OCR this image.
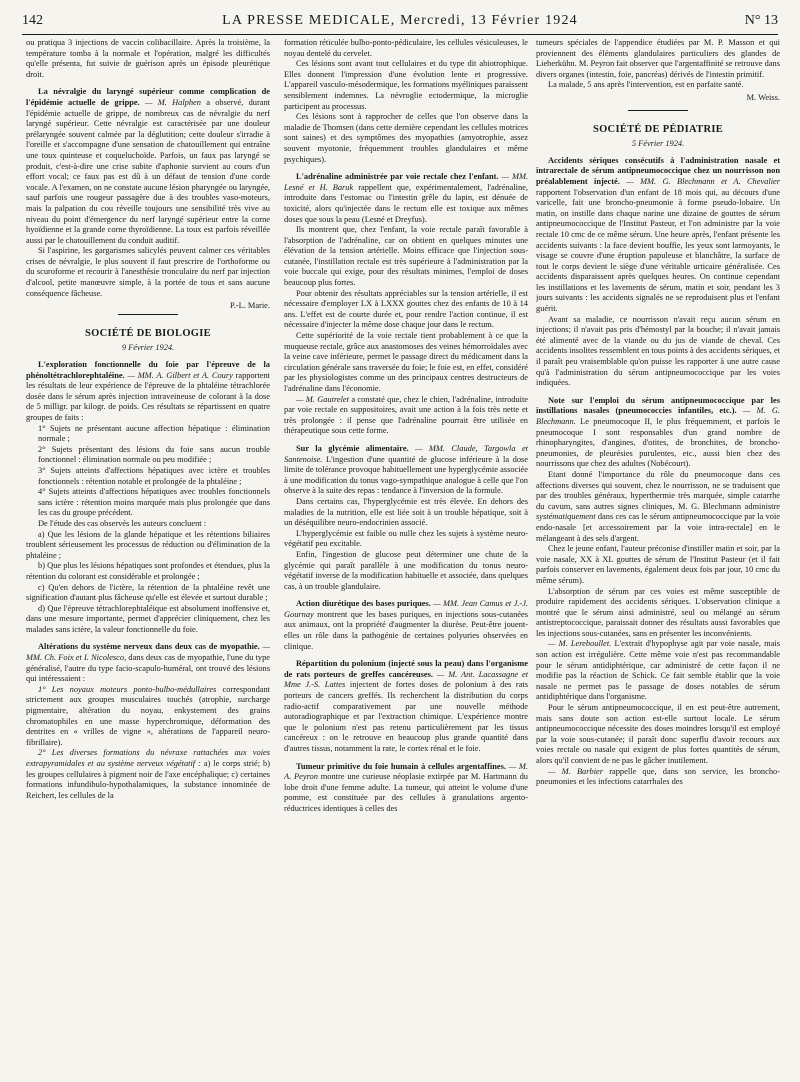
142	LA PRESSE MEDICALE, Mercredi, 13 Février 1924	N° 13

ou pratiqua 3 injections de vaccin colibacillaire. Après la troisième, la température tomba à la normale et l'opération, malgré les difficultés qu'elle présenta, fut suivie de guérison après un épisode pleurétique droit.

La névralgie du laryngé supérieur comme complication de l'épidémie actuelle de grippe. — M. Halphen a observé, durant l'épidémie actuelle de grippe, de nombreux cas de névralgie du nerf laryngé supérieur. Cette névralgie est caractérisée par une douleur prélaryngée souvent calmée par la déglutition; cette douleur s'irradie à l'oreille et s'accompagne d'une sensation de chatouillement qui entraîne une toux quinteuse et coqueluchoïde. Parfois, un faux pas laryngé se produit, c'est-à-dire une crise subite d'aphonie survient au cours d'un effort vocal; ce faux pas est dû à un défaut de tension d'une corde vocale. A l'examen, on ne constate aucune lésion pharyngée ou laryngée, sauf parfois une rougeur passagère due à des troubles vaso-moteurs, mais la palpation du cou réveille toujours une sensibilité très vive au niveau du point d'émergence du nerf laryngé supérieur entre la corne hyoïdienne et la grande corne thyroïdienne. La toux est parfois réveillée aussi par le chatouillement du conduit auditif.

Si l'aspirine, les gargarismes salicylés peuvent calmer ces véritables crises de névralgie, le plus souvent il faut prescrire de l'orthoforme ou du scuroforme et recourir à l'anesthésie tronculaire du nerf par injection d'alcool, petite manœuvre simple, à la portée de tous et sans aucune conséquence fâcheuse.

P.-L. Marie.

SOCIÉTÉ DE BIOLOGIE

9 Février 1924.

L'exploration fonctionnelle du foie par l'épreuve de la phénoltétrachlorephtaléine. — MM. A. Gilbert et A. Coury rapportent les résultats de leur expérience de l'épreuve de la phtaléine tétrachlorée dosée dans le sérum après injection intraveineuse de colorant à la dose de 5 milligr. par kilogr. de poids. Ces résultats se répartissent en quatre groupes de faits :

1° Sujets ne présentant aucune affection hépatique : élimination normale ;

2° Sujets présentant des lésions du foie sans aucun trouble fonctionnel : élimination normale ou peu modifiée ;

3° Sujets atteints d'affections hépatiques avec ictère et troubles fonctionnels : rétention notable et prolongée de la phtaléine ;

4° Sujets atteints d'affections hépatiques avec troubles fonctionnels sans ictère : rétention moins marquée mais plus prolongée que dans les cas du groupe précédent.

De l'étude des cas observés les auteurs concluent :

a) Que les lésions de la glande hépatique et les rétentions biliaires troublent sérieusement les processus de réduction ou d'élimination de la phtaléine ;

b) Que plus les lésions hépatiques sont profondes et étendues, plus la rétention du colorant est considérable et prolongée ;

c) Qu'en dehors de l'ictère, la rétention de la phtaléine revêt une signification d'autant plus fâcheuse qu'elle est élevée et surtout durable ;

d) Que l'épreuve tétrachlorephtaléique est absolument inoffensive et, dans une mesure importante, permet d'apprécier cliniquement, chez les malades sans ictère, la valeur fonctionnelle du foie.

Altérations du système nerveux dans deux cas de myopathie. — MM. Ch. Foix et I. Nicolesco, dans deux cas de myopathie, l'une du type généralisé, l'autre du type facio-scapulo-huméral, ont trouvé des lésions qui intéressaient :

1° Les noyaux moteurs ponto-bulbo-médullaires correspondant strictement aux groupes musculaires touchés (atrophie, surcharge pigmentaire, altération du noyau, enkystement des grains chromatophiles en une masse hyperchromique, déformation des dentrites en « vrilles de vigne », altérations de l'appareil neuro-fibrillaire).

2° Les diverses formations du névraxe rattachées aux voies extrapyramidales et au système nerveux végétatif : a) le corps strié; b) les groupes cellulaires à pigment noir de l'axe encéphalique; c) certaines formations infundibulo-hypothalamiques, la substance innominée de Reichert, les cellules de la

formation réticulée bulbo-ponto-pédiculaire, les cellules vésiculeuses, le noyau dentelé du cervelet.

Ces lésions sont avant tout cellulaires et du type dit abiotrophique. Elles donnent l'impression d'une évolution lente et progressive. L'appareil vasculo-mésodermique, les formations myéliniques paraissent sensiblement indemnes. La névroglie ectodermique, la microglie participent au processus.

Ces lésions sont à rapprocher de celles que l'on observe dans la maladie de Thomsen (dans cette dernière cependant les cellules motrices sont saines) et des symptômes des myopathies (amyotrophie, assez souvent myotonie, fréquemment troubles glandulaires et même psychiques).

L'adrénaline administrée par voie rectale chez l'enfant. — MM. Lesné et H. Baruk rappellent que, expérimentalement, l'adrénaline, introduite dans l'estomac ou l'intestin grêle du lapin, est dénuée de toxicité, alors qu'injectée dans le rectum elle est toxique aux mêmes doses que sous la peau (Lesné et Dreyfus).

Ils montrent que, chez l'enfant, la voie rectale paraît favorable à l'absorption de l'adrénaline, car on obtient en quelques minutes une élévation de la tension artérielle. Moins efficace que l'injection sous-cutanée, l'instillation rectale est très supérieure à l'administration par la voie buccale qui exige, pour des résultats minimes, l'emploi de doses beaucoup plus fortes.

Pour obtenir des résultats appréciables sur la tension artérielle, il est nécessaire d'employer LX à LXXX gouttes chez des enfants de 10 à 14 ans. L'effet est de courte durée et, pour rendre l'action continue, il est nécessaire d'injecter la même dose chaque jour dans le rectum.

Cette supériorité de la voie rectale tient probablement à ce que la muqueuse rectale, grâce aux anastomoses des veines hémorroïdales avec la veine cave inférieure, permet le passage direct du médicament dans la circulation générale sans traversée du foie; le foie est, en effet, considéré par les physiologistes comme un des principaux centres destructeurs de l'adrénaline dans l'économie.

— M. Gautrelet a constaté que, chez le chien, l'adrénaline, introduite par voie rectale en suppositoires, avait une action à la fois très nette et très prolongée : il pense que l'adrénaline pourrait être utilisée en thérapeutique sous cette forme.

Sur la glycémie alimentaire. — MM. Claude, Targowla et Santenoise. L'ingestion d'une quantité de glucose inférieure à la dose limite de tolérance provoque habituellement une hyperglycémie associée à une modification du tonus vago-sympathique analogue à celle que l'on observe à la suite des repas : tendance à l'inversion de la formule.

Dans certains cas, l'hyperglycémie est très élevée. En dehors des maladies de la nutrition, elle est liée soit à un trouble hépatique, soit à un déséquilibre neuro-endocrinien associé.

L'hyperglycémie est faible ou nulle chez les sujets à système neuro-végétatif peu excitable.

Enfin, l'ingestion de glucose peut déterminer une chute de la glycémie qui paraît parallèle à une modification du tonus neuro-végétatif inverse de la modification habituelle et associée, dans quelques cas, à un trouble glandulaire.

Action diurétique des bases puriques. — MM. Jean Camus et J.-J. Gournay montrent que les bases puriques, en injections sous-cutanées aux animaux, ont la propriété d'augmenter la diurèse. Peut-être jouent-elles un rôle dans la pathogénie de certaines polyuries observées en clinique.

Répartition du polonium (injecté sous la peau) dans l'organisme de rats porteurs de greffes cancéreuses. — M. Ant. Lacassagne et Mme J.-S. Lattes injectent de fortes doses de polonium à des rats porteurs de cancers greffés. Ils recherchent la distribution du corps radio-actif comparativement par une nouvelle méthode autoradiographique et par l'extraction chimique. L'expérience montre que le polonium n'est pas retenu particulièrement par les tissus cancéreux : on le retrouve en beaucoup plus grande quantité dans d'autres tissus, notamment la rate, le cortex rénal et le foie.

Tumeur primitive du foie humain à cellules argentaffines. — M. A. Peyron montre une curieuse néoplasie extirpée par M. Hartmann du lobe droit d'une femme adulte. La tumeur, qui atteint le volume d'une pomme, est constituée par des cellules à granulations argento-réductrices identiques à celles des

tumeurs spéciales de l'appendice étudiées par M. P. Masson et qui proviennent des éléments glandulaires particuliers des glandes de Lieberkühn. M. Peyron fait observer que l'argentaffinité se retrouve dans divers organes (intestin, foie, pancréas) dérivés de l'intestin primitif.

La malade, 5 ans après l'intervention, est en parfaite santé.

M. Weiss.

SOCIÉTÉ DE PÉDIATRIE

5 Février 1924.

Accidents sériques consécutifs à l'administration nasale et intrarectale de sérum antipneumococcique chez un nourrisson non préalablement injecté. — MM. G. Blechmann et A. Chevalier rapportent l'observation d'un enfant de 18 mois qui, au décours d'une varicelle, fait une broncho-pneumonie à forme pseudo-lobaire. Un matin, on instille dans chaque narine une dizaine de gouttes de sérum antipneumococcique de l'Institut Pasteur, et l'on administre par la voie rectale 10 cmc de ce même sérum. Une heure après, l'enfant présente les accidents suivants : la face devient bouffie, les yeux sont larmoyants, le visage se couvre d'une éruption papuleuse et blanchâtre, la surface de tout le corps devient le siège d'une véritable urticaire généralisée. Ces accidents disparaissent après quelques heures. On continue cependant les instillations et les lavements de sérum, matin et soir, pendant les 3 jours suivants : les accidents signalés ne se reproduisent plus et l'enfant guérit.

Avant sa maladie, ce nourrisson n'avait reçu aucun sérum en injections; il n'avait pas pris d'hémostyl par la bouche; il n'avait jamais été alimenté avec de la viande ou du jus de viande de cheval. Ces accidents insolites ressemblent en tous points à des accidents sériques, et il paraît peu vraisemblable qu'on puisse les rapporter à une autre cause qu'à l'administration du sérum antipneumococcique par les voies indiquées.

Note sur l'emploi du sérum antipneumococcique par les instillations nasales (pneumococcies infantiles, etc.). — M. G. Blechmann. Le pneumocoque II, le plus fréquemment, et parfois le pneumocoque I sont responsables d'un grand nombre de rhinopharyngites, d'angines, d'otites, de bronchites, de broncho-pneumonies, de pleurésies purulentes, etc., aussi bien chez des nourrissons que chez des adultes (Nobécourt).

Etant donné l'importance du rôle du pneumocoque dans ces affections diverses qui souvent, chez le nourrisson, ne se traduisent que par des troubles généraux, hyperthermie très marquée, simple catarrhe du cavum, sans autres signes cliniques, M. G. Blechmann administre systématiquement dans ces cas le sérum antipneumococcique par la voie endo-nasale [et accessoirement par la voie intra-rectale] en le mélangeant à des sels d'argent.

Chez le jeune enfant, l'auteur préconise d'instiller matin et soir, par la voie nasale, XX à XL gouttes de sérum de l'Institut Pasteur (et il fait parfois conserver en lavements, également deux fois par jour, 10 cmc du même sérum).

L'absorption de sérum par ces voies est même susceptible de produire rapidement des accidents sériques. L'observation clinique a montré que le sérum ainsi administré, seul ou mélangé au sérum antistreptococcique, paraissait donner des résultats aussi favorables que les injections sous-cutanées, sans en présenter les inconvénients.

— M. Lereboullet. L'extrait d'hypophyse agit par voie nasale, mais son action est irrégulière. Cette même voie n'est pas recommandable pour le sérum antidiphtérique, car administré de cette façon il ne modifie pas la réaction de Schick. Ce fait semble établir que la voie nasale ne permet pas le passage de doses notables de sérum antidiphtérique dans l'organisme.

Pour le sérum antipneumococcique, il en est peut-être autrement, mais sans doute son action est-elle surtout locale. Le sérum antipneumococcique nécessite des doses moindres lorsqu'il est employé par la voie sous-cutanée; il paraît donc superflu d'avoir recours aux voies rectale ou nasale qui exigent de plus fortes quantités de sérum, alors qu'il convient de ne pas le gâcher inutilement.

— M. Barbier rappelle que, dans son service, les broncho-pneumonies et les infections catarrhales des
